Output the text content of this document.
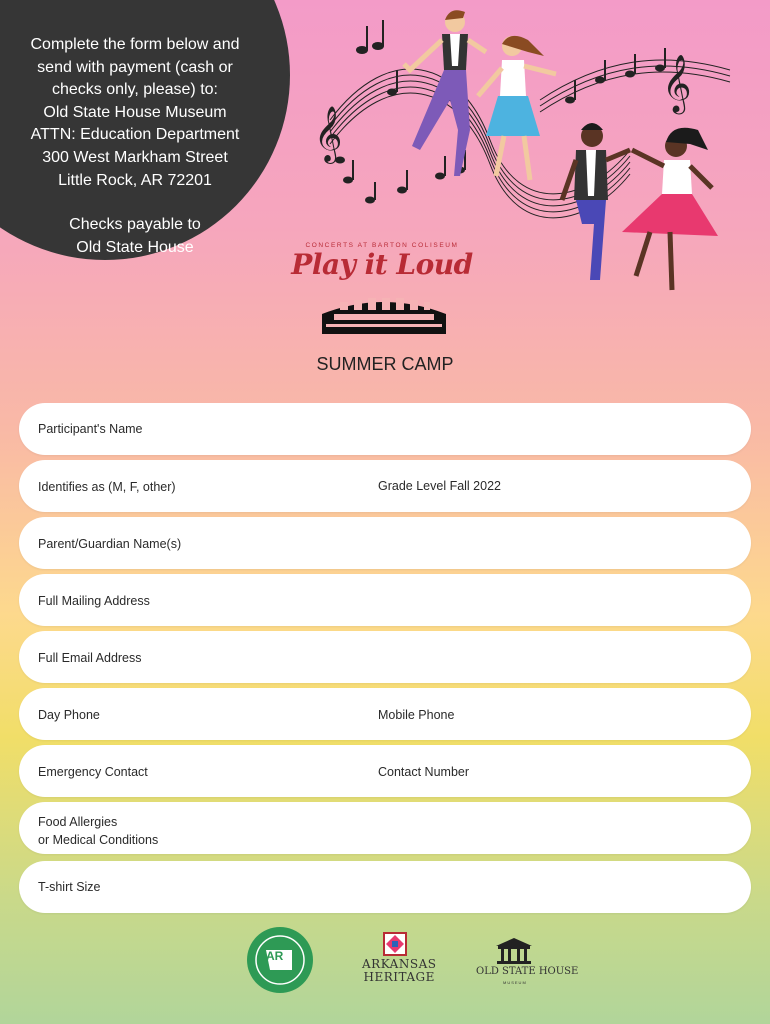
Complete the form below and
send with payment (cash or
checks only, please) to:
Old State House Museum
ATTN: Education Department
300 West Markham Street
Little Rock, AR 72201
Checks payable to
Old State House
𝄞
𝄞
CONCERTS AT BARTON COLISEUM
Play it Loud
SUMMER CAMP
Participant's Name
Identifies as (M, F, other)	Grade Level Fall 2022
Parent/Guardian Name(s)
Full Mailing Address
Full Email Address
Day Phone	Mobile Phone
Emergency Contact	Contact Number
Food Allergies
or Medical Conditions
T-shirt Size
AR
ARKANSAS
HERITAGE	OLD STATE HOUSE
MUSEUM
